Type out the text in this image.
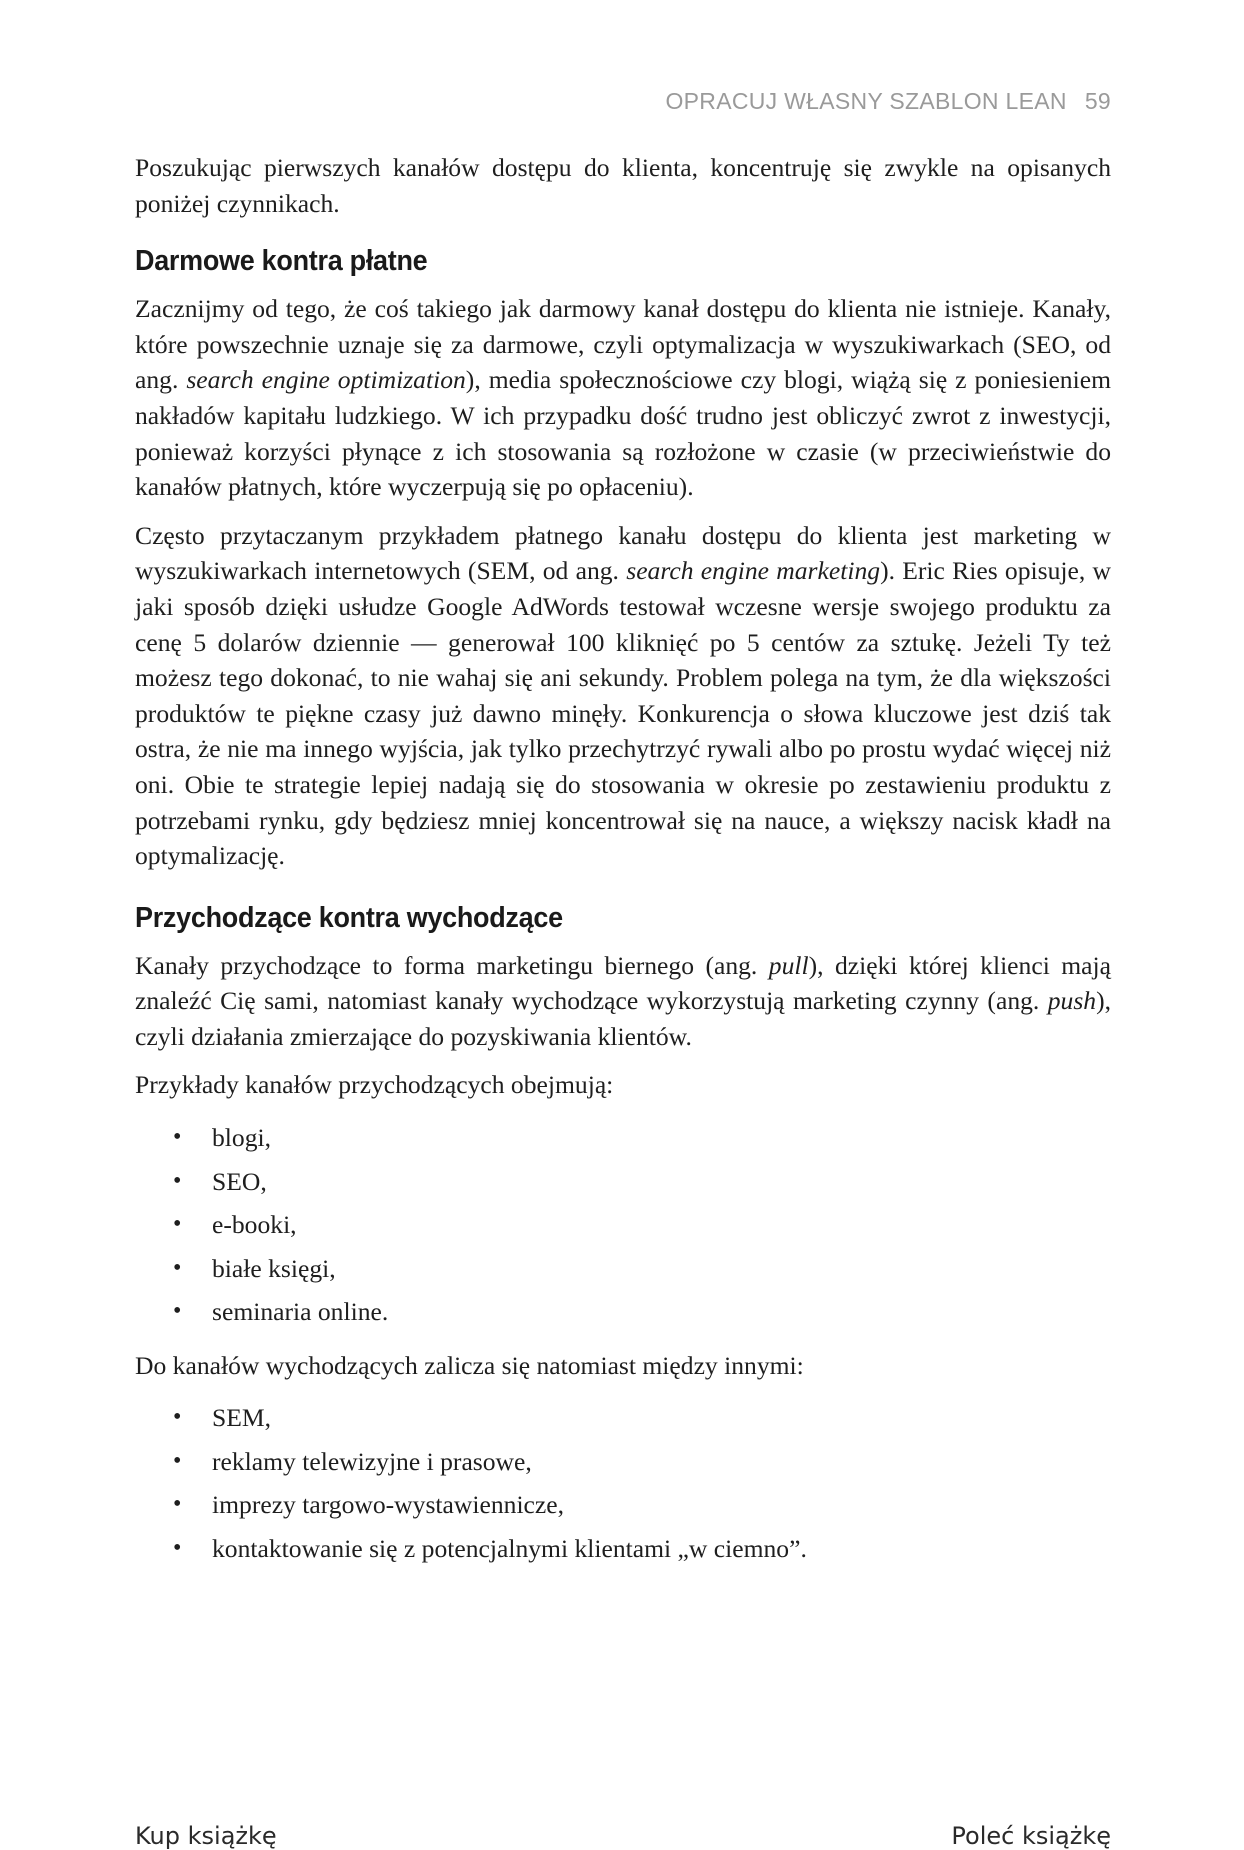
OPRACUJ WŁASNY SZABLON LEAN 59

Poszukując pierwszych kanałów dostępu do klienta, koncentruję się zwykle na opisanych poniżej czynnikach.

Darmowe kontra płatne

Zacznijmy od tego, że coś takiego jak darmowy kanał dostępu do klienta nie istnieje. Kanały, które powszechnie uznaje się za darmowe, czyli optymalizacja w wyszukiwarkach (SEO, od ang. search engine optimization), media społecznościowe czy blogi, wiążą się z poniesieniem nakładów kapitału ludzkiego. W ich przypadku dość trudno jest obliczyć zwrot z inwestycji, ponieważ korzyści płynące z ich stosowania są rozłożone w czasie (w przeciwieństwie do kanałów płatnych, które wyczerpują się po opłaceniu).

Często przytaczanym przykładem płatnego kanału dostępu do klienta jest marketing w wyszukiwarkach internetowych (SEM, od ang. search engine marketing). Eric Ries opisuje, w jaki sposób dzięki usłudze Google AdWords testował wczesne wersje swojego produktu za cenę 5 dolarów dziennie — generował 100 kliknięć po 5 centów za sztukę. Jeżeli Ty też możesz tego dokonać, to nie wahaj się ani sekundy. Problem polega na tym, że dla większości produktów te piękne czasy już dawno minęły. Konkurencja o słowa kluczowe jest dziś tak ostra, że nie ma innego wyjścia, jak tylko przechytrzyć rywali albo po prostu wydać więcej niż oni. Obie te strategie lepiej nadają się do stosowania w okresie po zestawieniu produktu z potrzebami rynku, gdy będziesz mniej koncentrował się na nauce, a większy nacisk kładł na optymalizację.

Przychodzące kontra wychodzące

Kanały przychodzące to forma marketingu biernego (ang. pull), dzięki której klienci mają znaleźć Cię sami, natomiast kanały wychodzące wykorzystują marketing czynny (ang. push), czyli działania zmierzające do pozyskiwania klientów.

Przykłady kanałów przychodzących obejmują:

• blogi,
• SEO,
• e-booki,
• białe księgi,
• seminaria online.

Do kanałów wychodzących zalicza się natomiast między innymi:

• SEM,
• reklamy telewizyjne i prasowe,
• imprezy targowo-wystawiennicze,
• kontaktowanie się z potencjalnymi klientami „w ciemno”.
Kup książkę	Poleć książkę
